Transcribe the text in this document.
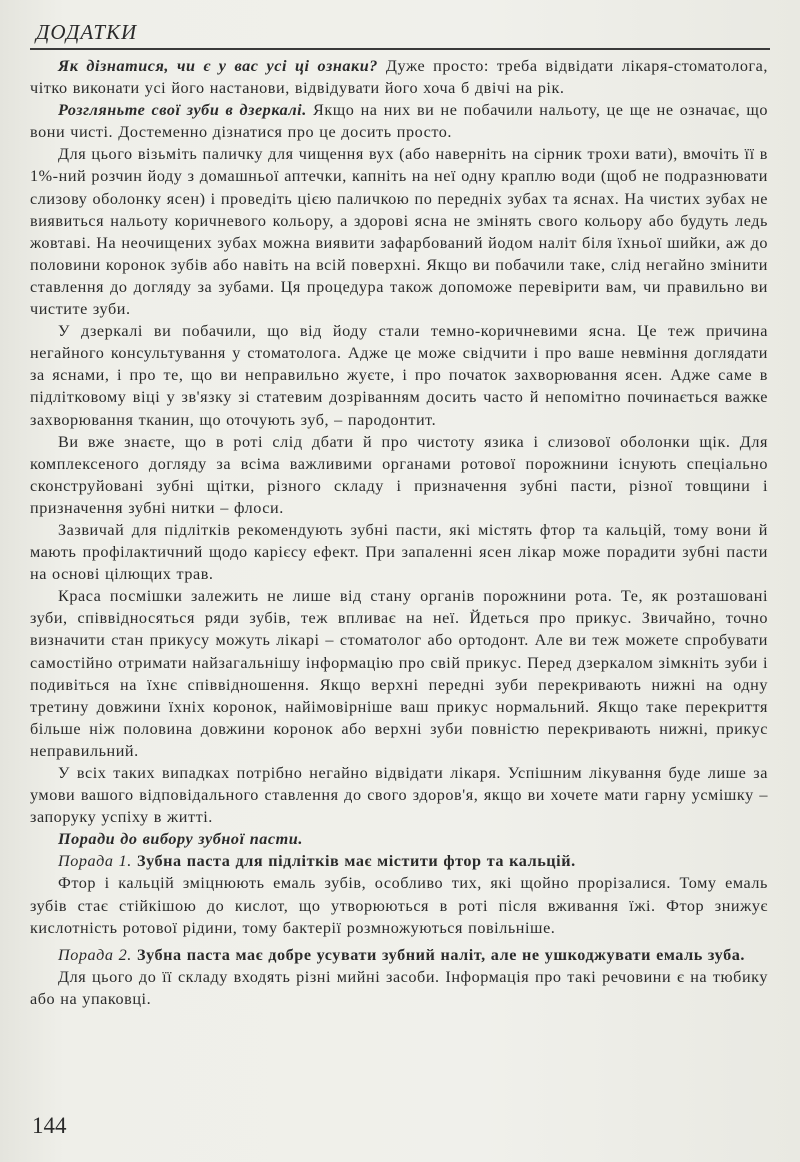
ДОДАТКИ

Як дізнатися, чи є у вас усі ці ознаки? Дуже просто: треба відвідати лікаря-стоматолога, чітко виконати усі його настанови, відвідувати його хоча б двічі на рік.

Розгляньте свої зуби в дзеркалі. Якщо на них ви не побачили нальоту, це ще не означає, що вони чисті. Достеменно дізнатися про це досить просто.

Для цього візьміть паличку для чищення вух (або наверніть на сірник трохи вати), вмочіть її в 1%-ний розчин йоду з домашньої аптечки, капніть на неї одну краплю води (щоб не подразнювати слизову оболонку ясен) і проведіть цією паличкою по передніх зубах та яснах. На чистих зубах не виявиться нальоту коричневого кольору, а здорові ясна не змінять свого кольору або будуть ледь жовтаві. На неочищених зубах можна виявити зафарбований йодом наліт біля їхньої шийки, аж до половини коронок зубів або навіть на всій поверхні. Якщо ви побачили таке, слід негайно змінити ставлення до догляду за зубами. Ця процедура також допоможе перевірити вам, чи правильно ви чистите зуби.

У дзеркалі ви побачили, що від йоду стали темно-коричневими ясна. Це теж причина негайного консультування у стоматолога. Адже це може свідчити і про ваше невміння доглядати за яснами, і про те, що ви неправильно жуєте, і про початок захворювання ясен. Адже саме в підлітковому віці у зв'язку зі статевим дозріванням досить часто й непомітно починається важке захворювання тканин, що оточують зуб, – пародонтит.

Ви вже знаєте, що в роті слід дбати й про чистоту язика і слизової оболонки щік. Для комплексеного догляду за всіма важливими органами ротової порожнини існують спеціально сконструйовані зубні щітки, різного складу і призначення зубні пасти, різної товщини і призначення зубні нитки – флоси.

Зазвичай для підлітків рекомендують зубні пасти, які містять фтор та кальцій, тому вони й мають профілактичний щодо карієсу ефект. При запаленні ясен лікар може порадити зубні пасти на основі цілющих трав.

Краса посмішки залежить не лише від стану органів порожнини рота. Те, як розташовані зуби, співвідносяться ряди зубів, теж впливає на неї. Йдеться про прикус. Звичайно, точно визначити стан прикусу можуть лікарі – стоматолог або ортодонт. Але ви теж можете спробувати самостійно отримати найзагальнішу інформацію про свій прикус. Перед дзеркалом зімкніть зуби і подивіться на їхнє співвідношення. Якщо верхні передні зуби перекривають нижні на одну третину довжини їхніх коронок, найімовірніше ваш прикус нормальний. Якщо таке перекриття більше ніж половина довжини коронок або верхні зуби повністю перекривають нижні, прикус неправильний.

У всіх таких випадках потрібно негайно відвідати лікаря. Успішним лікування буде лише за умови вашого відповідального ставлення до свого здоров'я, якщо ви хочете мати гарну усмішку – запоруку успіху в житті.

Поради до вибору зубної пасти.

Порада 1. Зубна паста для підлітків має містити фтор та кальцій.

Фтор і кальцій зміцнюють емаль зубів, особливо тих, які щойно прорізалися. Тому емаль зубів стає стійкішою до кислот, що утворюються в роті після вживання їжі. Фтор знижує кислотність ротової рідини, тому бактерії розмножуються повільніше.

Порада 2. Зубна паста має добре усувати зубний наліт, але не ушкоджувати емаль зуба.

Для цього до її складу входять різні мийні засоби. Інформація про такі речовини є на тюбику або на упаковці.

144
